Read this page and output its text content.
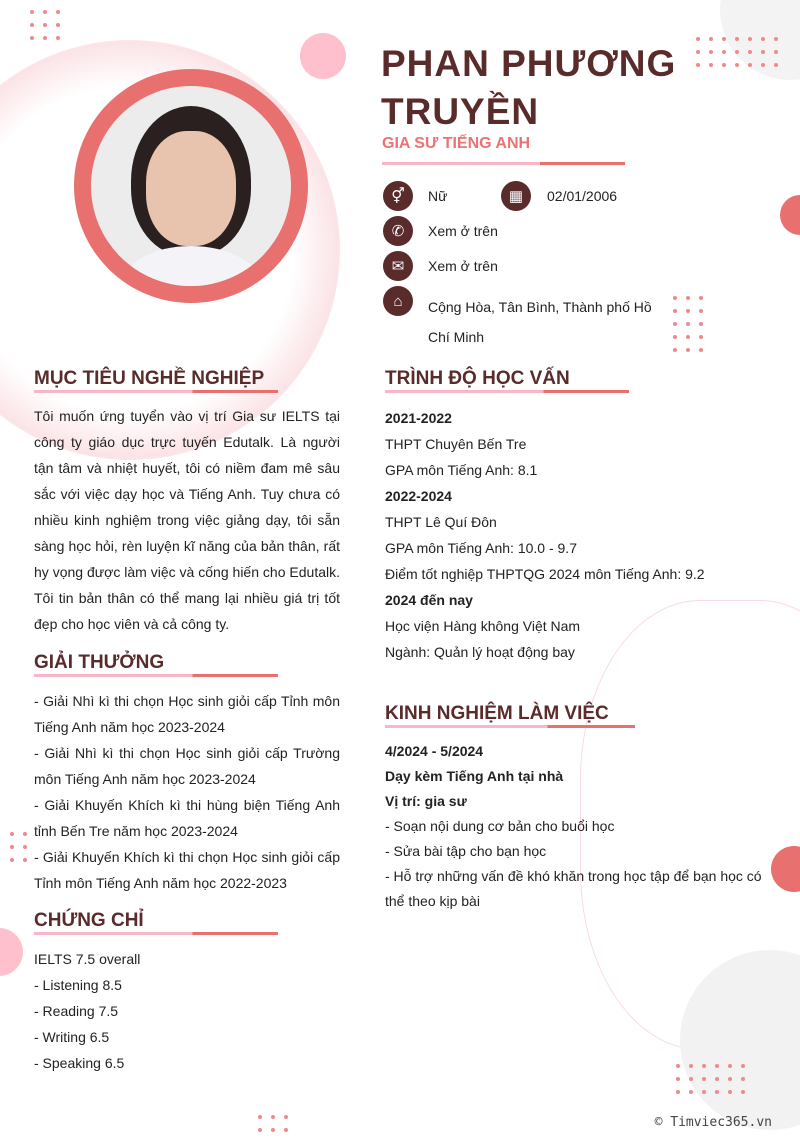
PHAN PHƯƠNG
TRUYỀN
GIA SƯ TIẾNG ANH
⚥	Nữ	▦	02/01/2006
✆	Xem ở trên
✉	Xem ở trên
⌂	Cộng Hòa, Tân Bình, Thành phố Hồ Chí Minh
MỤC TIÊU NGHỀ NGHIỆP
Tôi muốn ứng tuyển vào vị trí Gia sư IELTS tại công ty giáo dục trực tuyến Edutalk. Là người tận tâm và nhiệt huyết, tôi có niềm đam mê sâu sắc với việc dạy học và Tiếng Anh. Tuy chưa có nhiều kinh nghiệm trong việc giảng dạy, tôi sẵn sàng học hỏi, rèn luyện kĩ năng của bản thân, rất hy vọng được làm việc và cống hiến cho Edutalk. Tôi tin bản thân có thể mang lại nhiều giá trị tốt đẹp cho học viên và cả công ty.
GIẢI THƯỞNG
- Giải Nhì kì thi chọn Học sinh giỏi cấp Tỉnh môn Tiếng Anh năm học 2023-2024
- Giải Nhì kì thi chọn Học sinh giỏi cấp Trường môn Tiếng Anh năm học 2023-2024
- Giải Khuyến Khích kì thi hùng biện Tiếng Anh tỉnh Bến Tre năm học 2023-2024
- Giải Khuyến Khích kì thi chọn Học sinh giỏi cấp Tỉnh môn Tiếng Anh năm học 2022-2023
CHỨNG CHỈ
IELTS 7.5 overall
- Listening 8.5
- Reading 7.5
- Writing 6.5
- Speaking 6.5
TRÌNH ĐỘ HỌC VẤN
2021-2022
THPT Chuyên Bến Tre
GPA môn Tiếng Anh: 8.1
2022-2024
THPT Lê Quí Đôn
GPA môn Tiếng Anh: 10.0 - 9.7
Điểm tốt nghiệp THPTQG 2024 môn Tiếng Anh: 9.2
2024 đến nay
Học viện Hàng không Việt Nam
Ngành: Quản lý hoạt động bay
KINH NGHIỆM LÀM VIỆC
4/2024 - 5/2024
Dạy kèm Tiếng Anh tại nhà
Vị trí: gia sư
- Soạn nội dung cơ bản cho buổi học
- Sửa bài tập cho bạn học
- Hỗ trợ những vấn đề khó khăn trong học tập để bạn học có thể theo kịp bài
© Timviec365.vn
